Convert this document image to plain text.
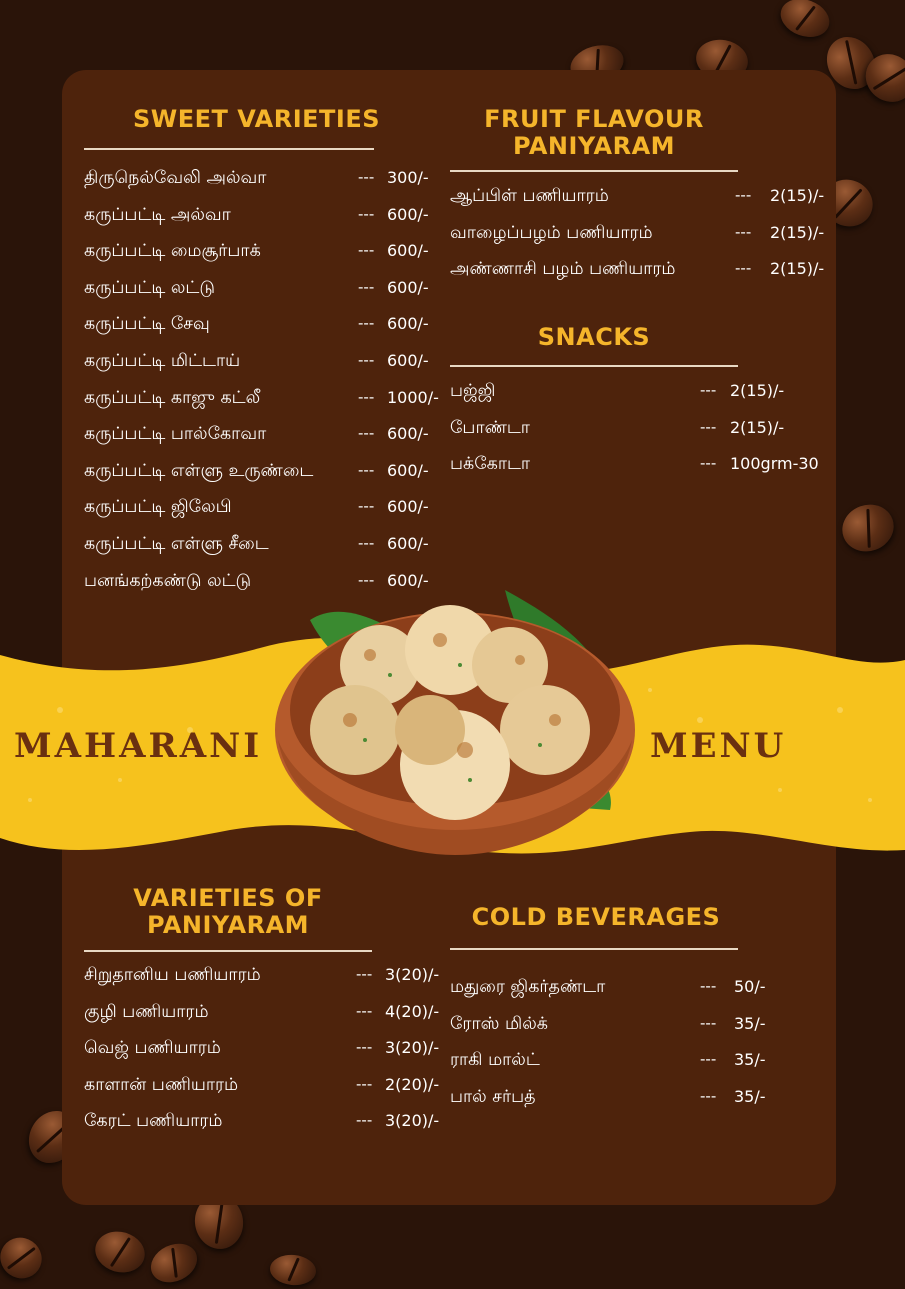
SWEET VARIETIES
திருநெல்வேலி அல்வா	--- 300/-
கருப்பட்டி அல்வா	--- 600/-
கருப்பட்டி மைசூர்பாக்	--- 600/-
கருப்பட்டி லட்டு	--- 600/-
கருப்பட்டி சேவு	--- 600/-
கருப்பட்டி மிட்டாய்	--- 600/-
கருப்பட்டி காஜு கட்லீ	--- 1000/-
கருப்பட்டி பால்கோவா	--- 600/-
கருப்பட்டி எள்ளு உருண்டை	--- 600/-
கருப்பட்டி ஜிலேபி	--- 600/-
கருப்பட்டி எள்ளு சீடை	--- 600/-
பனங்கற்கண்டு லட்டு	--- 600/-
FRUIT FLAVOUR
PANIYARAM
ஆப்பிள் பணியாரம்	--- 2(15)/-
வாழைப்பழம் பணியாரம்	--- 2(15)/-
அண்ணாசி பழம் பணியாரம்	--- 2(15)/-
SNACKS
பஜ்ஜி	--- 2(15)/-
போண்டா	--- 2(15)/-
பக்கோடா	--- 100grm-30
MAHARANI	MENU
VARIETIES OF
PANIYARAM
சிறுதானிய பணியாரம்	--- 3(20)/-
குழி பணியாரம்	--- 4(20)/-
வெஜ் பணியாரம்	--- 3(20)/-
காளான் பணியாரம்	--- 2(20)/-
கேரட் பணியாரம்	--- 3(20)/-
COLD BEVERAGES
மதுரை ஜிகர்தண்டா	--- 50/-
ரோஸ் மில்க்	--- 35/-
ராகி மால்ட்	--- 35/-
பால் சர்பத்	--- 35/-
